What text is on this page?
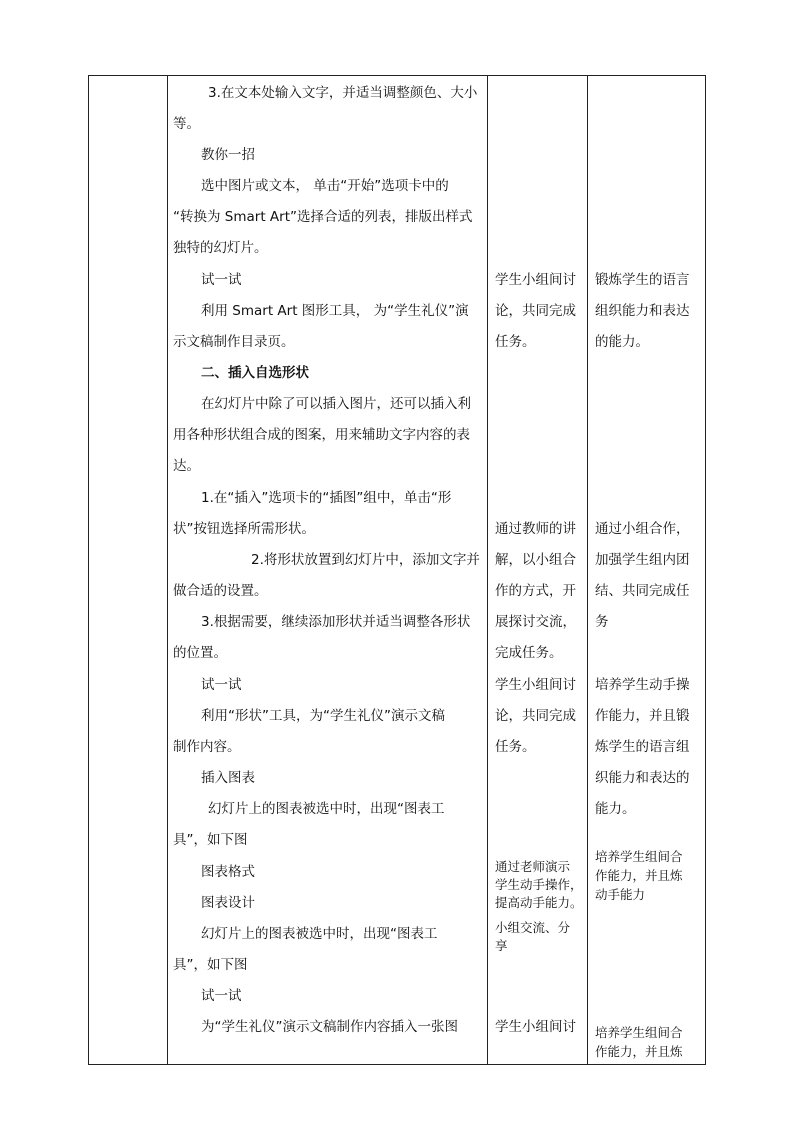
3.在文本处输入文字，并适当调整颜色、大小
等。
教你一招
选中图片或文本， 单击“开始”选项卡中的
“转换为 Smart Art”选择合适的列表，排版出样式
独特的幻灯片。
试一试
利用 Smart Art 图形工具， 为“学生礼仪”演
示文稿制作目录页。
二、插入自选形状
在幻灯片中除了可以插入图片，还可以插入利
用各种形状组合成的图案，用来辅助文字内容的表
达。
1.在“插入”选项卡的“插图”组中，单击“形
状”按钮选择所需形状。
2.将形状放置到幻灯片中，添加文字并
做合适的设置。
3.根据需要，继续添加形状并适当调整各形状
的位置。
试一试
利用“形状”工具，为“学生礼仪”演示文稿
制作内容。
插入图表
幻灯片上的图表被选中时，出现“图表工
具”，如下图
图表格式
图表设计
幻灯片上的图表被选中时，出现“图表工
具”，如下图
试一试
为“学生礼仪”演示文稿制作内容插入一张图
学生小组间讨
论，共同完成
任务。
通过教师的讲
解，以小组合
作的方式，开
展探讨交流，
完成任务。
学生小组间讨
论，共同完成
任务。
通过老师演示
学生动手操作，
提高动手能力。
小组交流、分
享
学生小组间讨
锻炼学生的语言
组织能力和表达
的能力。
通过小组合作，
加强学生组内团
结、共同完成任
务
培养学生动手操
作能力，并且锻
炼学生的语言组
织能力和表达的
能力。
培养学生组间合
作能力，并且炼
动手能力
培养学生组间合
作能力，并且炼
